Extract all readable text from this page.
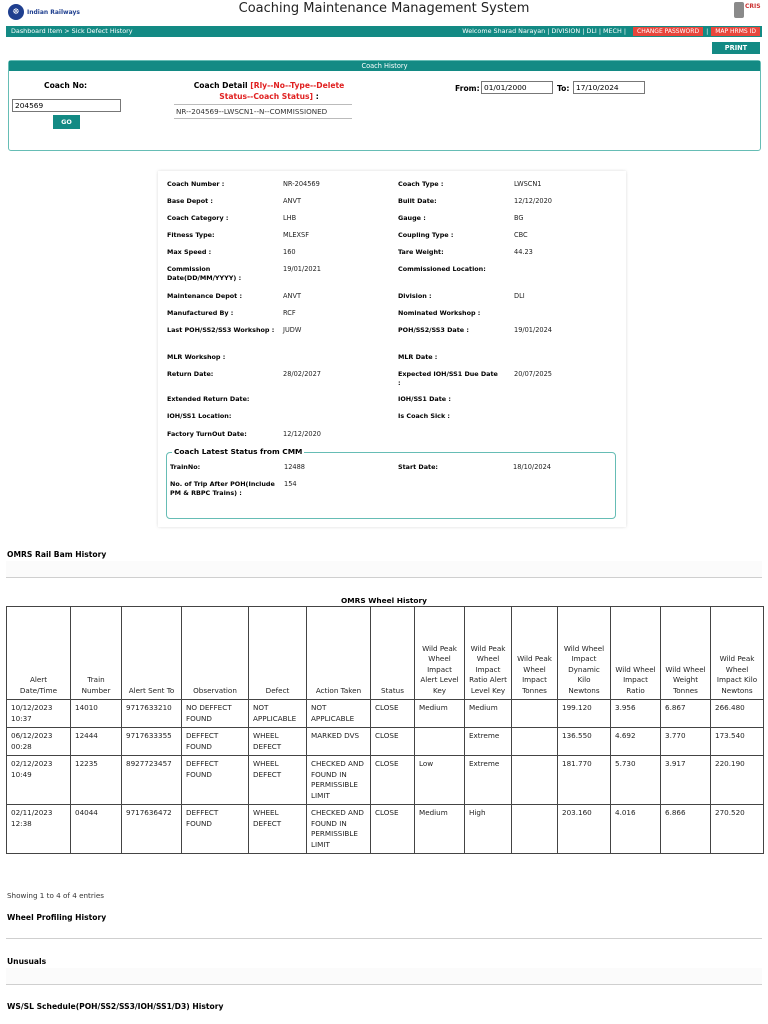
☸	Indian Railways	Coaching Maintenance Management System	CRIS
Dashboard Item > Sick Defect History	Welcome Sharad Narayan | DIVISION | DLI | MECH |	CHANGE PASSWORD	|	MAP HRMS ID
PRINT
Coach History
Coach No:
204569
GO
Coach Detail [Rly--No--Type--Delete
Status--Coach Status] :
NR--204569--LWSCN1--N--COMMISSIONED
From:
01/01/2000	To:
17/10/2024
Coach Number :	NR-204569
Base Depot :	ANVT
Coach Category :	LHB
Fitness Type:	MLEXSF
Max Speed :	160
Commission Date(DD/MM/YYYY) :
19/01/2021
Maintenance Depot :	ANVT
Manufactured By :	RCF
Last POH/SS2/SS3 Workshop : JUDW
MLR Workshop :
Return Date:	28/02/2027
Extended Return Date:
IOH/SS1 Location:
Factory TurnOut Date:	12/12/2020
Coach Type :	LWSCN1
Built Date:	12/12/2020
Gauge :	BG
Coupling Type :	CBC
Tare Weight:	44.23
Commissioned Location:
Division :	DLI
Nominated Workshop :
POH/SS2/SS3 Date :	19/01/2024
MLR Date :
Expected IOH/SS1 Due Date :
20/07/2025
IOH/SS1 Date :
Is Coach Sick :
Coach Latest Status from CMM
TrainNo:	12488	Start Date:	18/10/2024
No. of Trip After POH(Include PM & RBPC Trains) :
154
OMRS Rail Bam History
OMRS Wheel History
Alert Date/Time	Train Number	Alert Sent To	Observation	Defect	Action Taken	Status	Wild Peak Wheel Impact Alert Level Key	Wild Peak Wheel Impact Ratio Alert Level Key	Wild Peak Wheel Impact Tonnes	Wild Wheel Impact Dynamic Kilo Newtons	Wild Wheel Impact Ratio	Wild Wheel Weight Tonnes	Wild Peak Wheel Impact Kilo Newtons
10/12/2023 10:37	14010	9717633210	NO DEFFECT FOUND	NOT APPLICABLE	NOT APPLICABLE	CLOSE	Medium	Medium		199.120	3.956	6.867	266.480
06/12/2023 00:28	12444	9717633355	DEFFECT FOUND	WHEEL DEFECT	MARKED DVS	CLOSE		Extreme		136.550	4.692	3.770	173.540
02/12/2023 10:49	12235	8927723457	DEFFECT FOUND	WHEEL DEFECT	CHECKED AND FOUND IN PERMISSIBLE LIMIT	CLOSE	Low	Extreme		181.770	5.730	3.917	220.190
02/11/2023 12:38	04044	9717636472	DEFFECT FOUND	WHEEL DEFECT	CHECKED AND FOUND IN PERMISSIBLE LIMIT	CLOSE	Medium	High		203.160	4.016	6.866	270.520
Showing 1 to 4 of 4 entries
Wheel Profiling History
Unusuals
WS/SL Schedule(POH/SS2/SS3/IOH/SS1/D3) History
